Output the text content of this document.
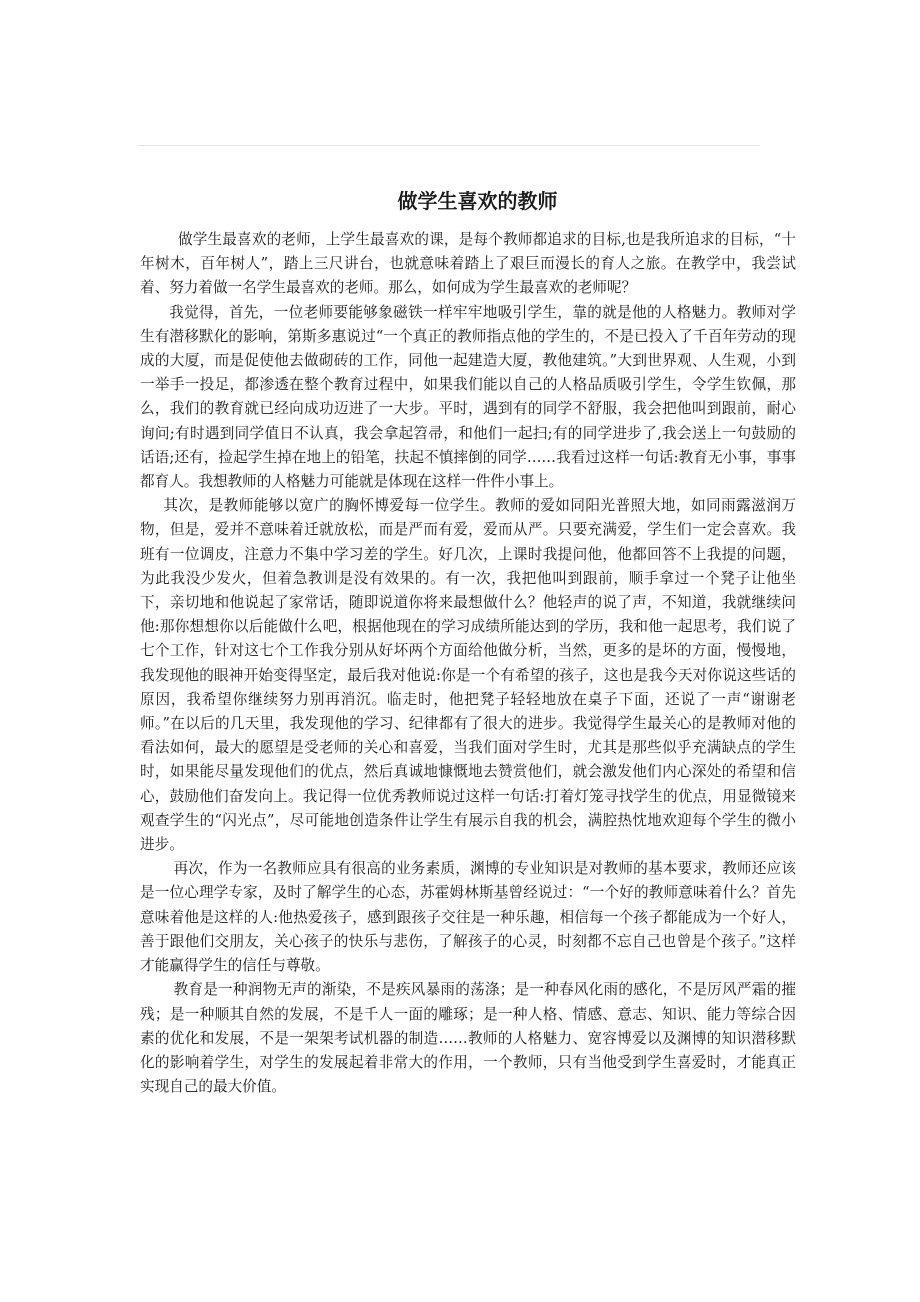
做学生喜欢的教师

做学生最喜欢的老师，上学生最喜欢的课，是每个教师都追求的目标,也是我所追求的目标，“十年树木，百年树人”，踏上三尺讲台，也就意味着踏上了艰巨而漫长的育人之旅。在教学中，我尝试着、努力着做一名学生最喜欢的老师。那么，如何成为学生最喜欢的老师呢？

我觉得，首先，一位老师要能够象磁铁一样牢牢地吸引学生，靠的就是他的人格魅力。教师对学生有潜移默化的影响，第斯多惠说过“一个真正的教师指点他的学生的，不是已投入了千百年劳动的现成的大厦，而是促使他去做砌砖的工作，同他一起建造大厦，教他建筑。”大到世界观、人生观，小到一举手一投足，都渗透在整个教育过程中，如果我们能以自己的人格品质吸引学生，令学生钦佩，那么，我们的教育就已经向成功迈进了一大步。平时，遇到有的同学不舒服，我会把他叫到跟前，耐心询问;有时遇到同学值日不认真，我会拿起笤帚，和他们一起扫;有的同学进步了,我会送上一句鼓励的话语;还有，捡起学生掉在地上的铅笔，扶起不慎摔倒的同学……我看过这样一句话:教育无小事，事事都育人。我想教师的人格魅力可能就是体现在这样一件件小事上。

其次，是教师能够以宽广的胸怀博爱每一位学生。教师的爱如同阳光普照大地，如同雨露滋润万物，但是，爱并不意味着迁就放松，而是严而有爱，爱而从严。只要充满爱，学生们一定会喜欢。我班有一位调皮，注意力不集中学习差的学生。好几次，上课时我提问他，他都回答不上我提的问题，为此我没少发火，但着急教训是没有效果的。有一次，我把他叫到跟前，顺手拿过一个凳子让他坐下，亲切地和他说起了家常话，随即说道你将来最想做什么？他轻声的说了声，不知道，我就继续问他:那你想想你以后能做什么吧，根据他现在的学习成绩所能达到的学历，我和他一起思考，我们说了七个工作，针对这七个工作我分别从好坏两个方面给他做分析，当然，更多的是坏的方面，慢慢地，我发现他的眼神开始变得坚定，最后我对他说:你是一个有希望的孩子，这也是我今天对你说这些话的原因，我希望你继续努力别再消沉。临走时，他把凳子轻轻地放在桌子下面，还说了一声“谢谢老师。”在以后的几天里，我发现他的学习、纪律都有了很大的进步。我觉得学生最关心的是教师对他的看法如何，最大的愿望是受老师的关心和喜爱，当我们面对学生时，尤其是那些似乎充满缺点的学生时，如果能尽量发现他们的优点，然后真诚地慷慨地去赞赏他们，就会激发他们内心深处的希望和信心，鼓励他们奋发向上。我记得一位优秀教师说过这样一句话:打着灯笼寻找学生的优点，用显微镜来观查学生的“闪光点”，尽可能地创造条件让学生有展示自我的机会，满腔热忱地欢迎每个学生的微小进步。

再次，作为一名教师应具有很高的业务素质，渊博的专业知识是对教师的基本要求，教师还应该是一位心理学专家，及时了解学生的心态，苏霍姆林斯基曾经说过：“一个好的教师意味着什么？首先意味着他是这样的人:他热爱孩子，感到跟孩子交往是一种乐趣，相信每一个孩子都能成为一个好人，善于跟他们交朋友，关心孩子的快乐与悲伤，了解孩子的心灵，时刻都不忘自己也曾是个孩子。”这样才能赢得学生的信任与尊敬。

教育是一种润物无声的渐染，不是疾风暴雨的荡涤；是一种春风化雨的感化，不是厉风严霜的摧残；是一种顺其自然的发展，不是千人一面的雕琢；是一种人格、情感、意志、知识、能力等综合因素的优化和发展，不是一架架考试机器的制造……教师的人格魅力、宽容博爱以及渊博的知识潜移默化的影响着学生，对学生的发展起着非常大的作用，一个教师，只有当他受到学生喜爱时，才能真正实现自己的最大价值。
